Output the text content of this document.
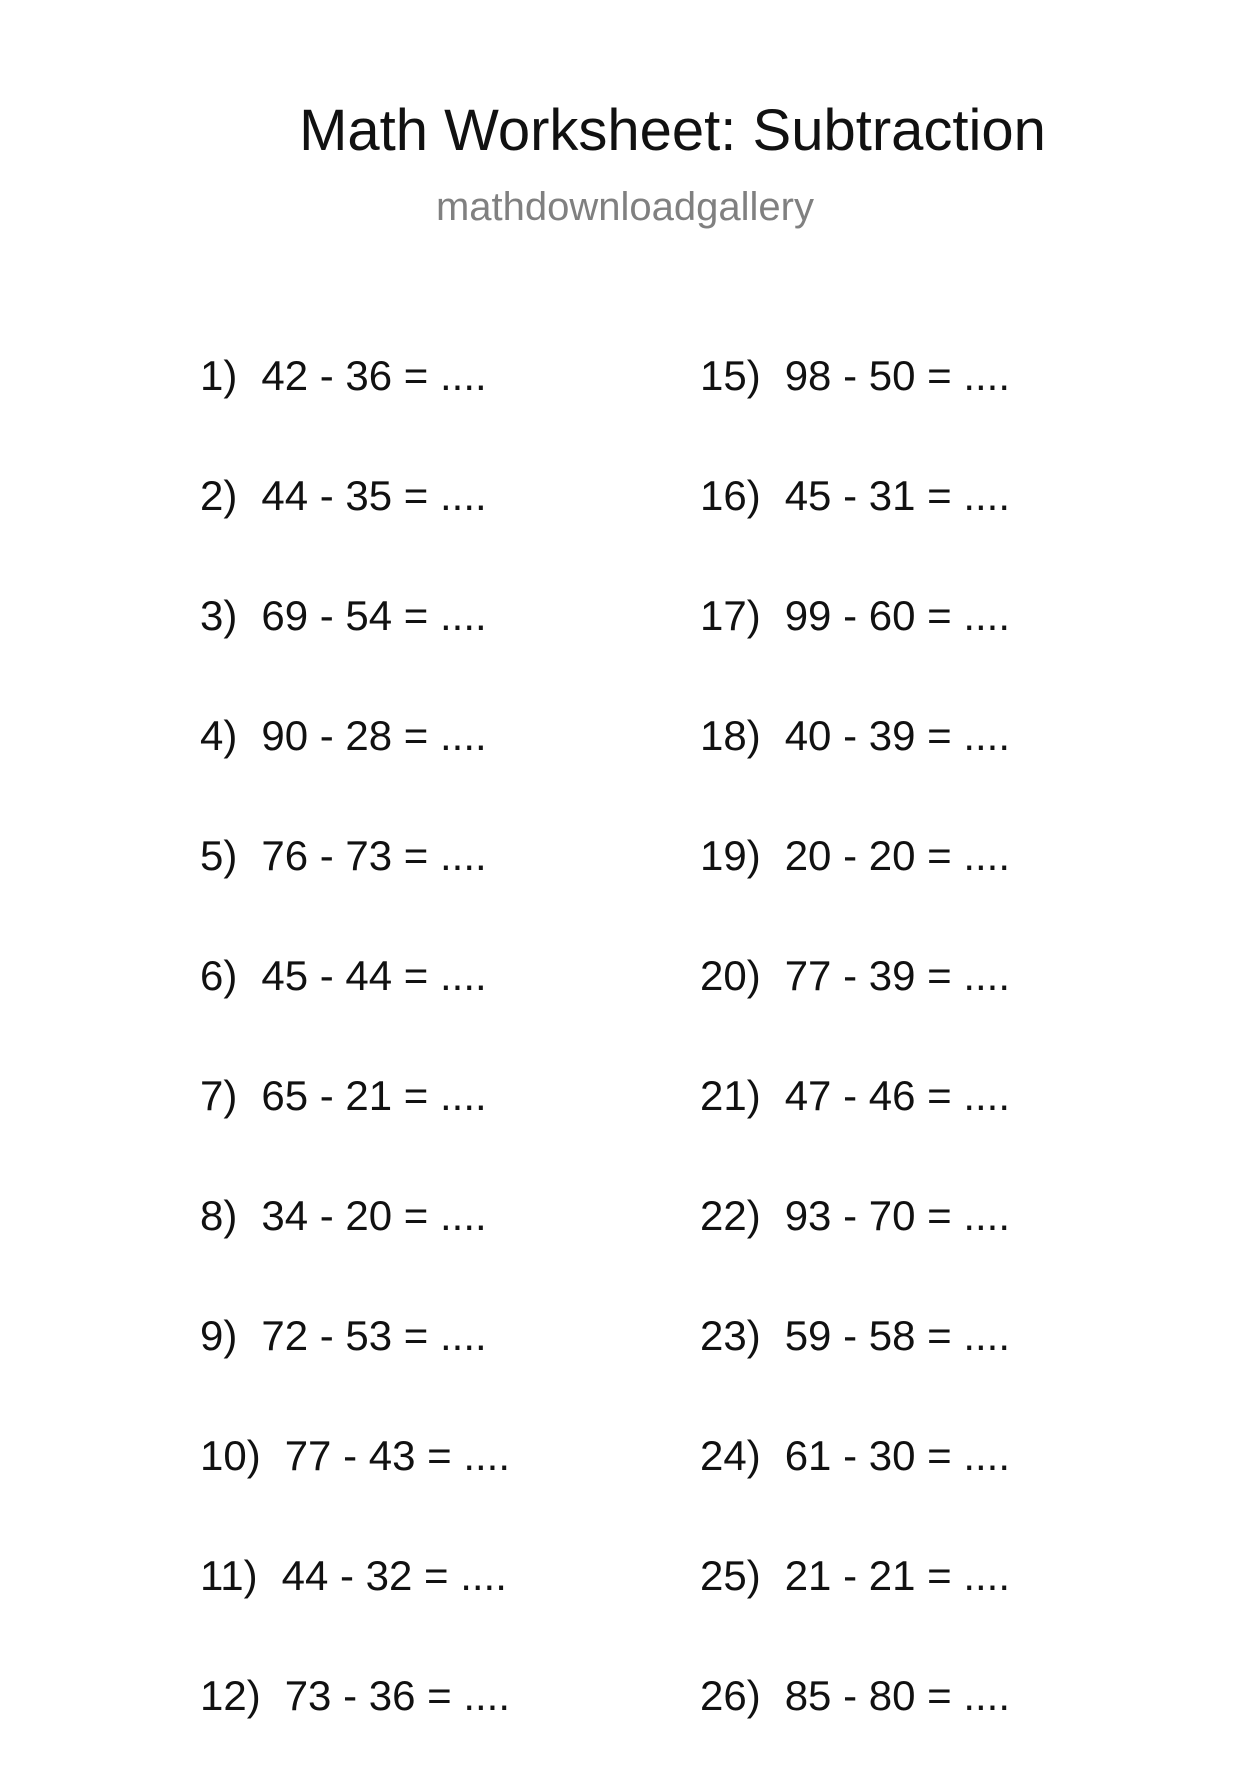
Math Worksheet: Subtraction
mathdownloadgallery
1) 42 - 36 = ....
2) 44 - 35 = ....
3) 69 - 54 = ....
4) 90 - 28 = ....
5) 76 - 73 = ....
6) 45 - 44 = ....
7) 65 - 21 = ....
8) 34 - 20 = ....
9) 72 - 53 = ....
10) 77 - 43 = ....
11) 44 - 32 = ....
12) 73 - 36 = ....
15) 98 - 50 = ....
16) 45 - 31 = ....
17) 99 - 60 = ....
18) 40 - 39 = ....
19) 20 - 20 = ....
20) 77 - 39 = ....
21) 47 - 46 = ....
22) 93 - 70 = ....
23) 59 - 58 = ....
24) 61 - 30 = ....
25) 21 - 21 = ....
26) 85 - 80 = ....
